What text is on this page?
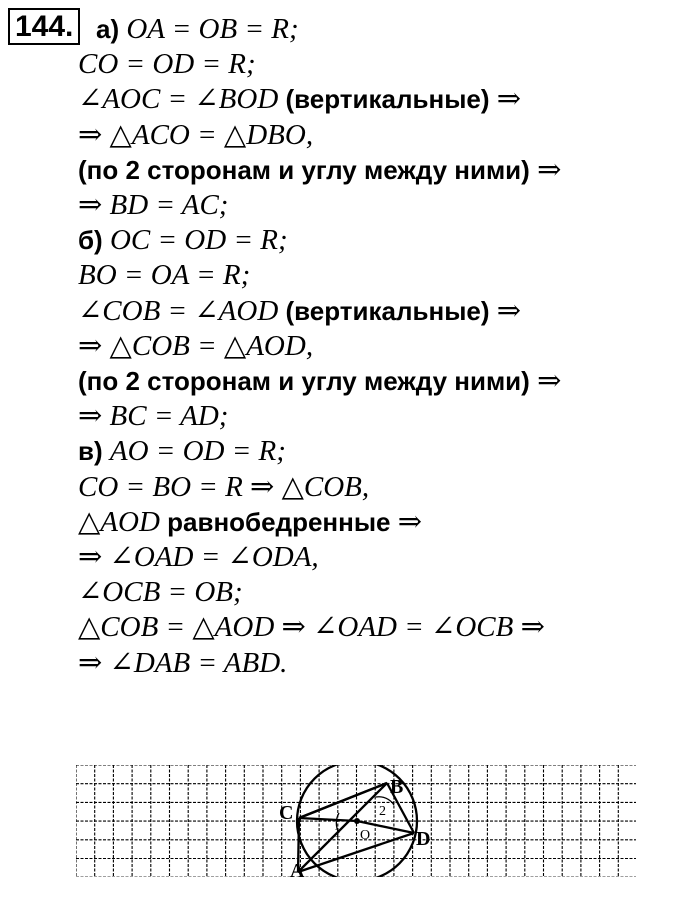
144. а) OA = OB = R;
CO = OD = R;
∠AOC = ∠BOD (вертикальные) ⇒
⇒ △ACO = △DBO,
(по 2 сторонам и углу между ними) ⇒
⇒ BD = AC;
б) OC = OD = R;
BO = OA = R;
∠COB = ∠AOD (вертикальные) ⇒
⇒ △COB = △AOD,
(по 2 сторонам и углу между ними) ⇒
⇒ BC = AD;
в) AO = OD = R;
CO = BO = R ⇒ △COB,
△AOD равнобедренные ⇒
⇒ ∠OAD = ∠ODA,
∠OCB = OB;
△COB = △AOD ⇒ ∠OAD = ∠OCB ⇒
⇒ ∠DAB = ABD.
A
B
C
D
O
1
2
